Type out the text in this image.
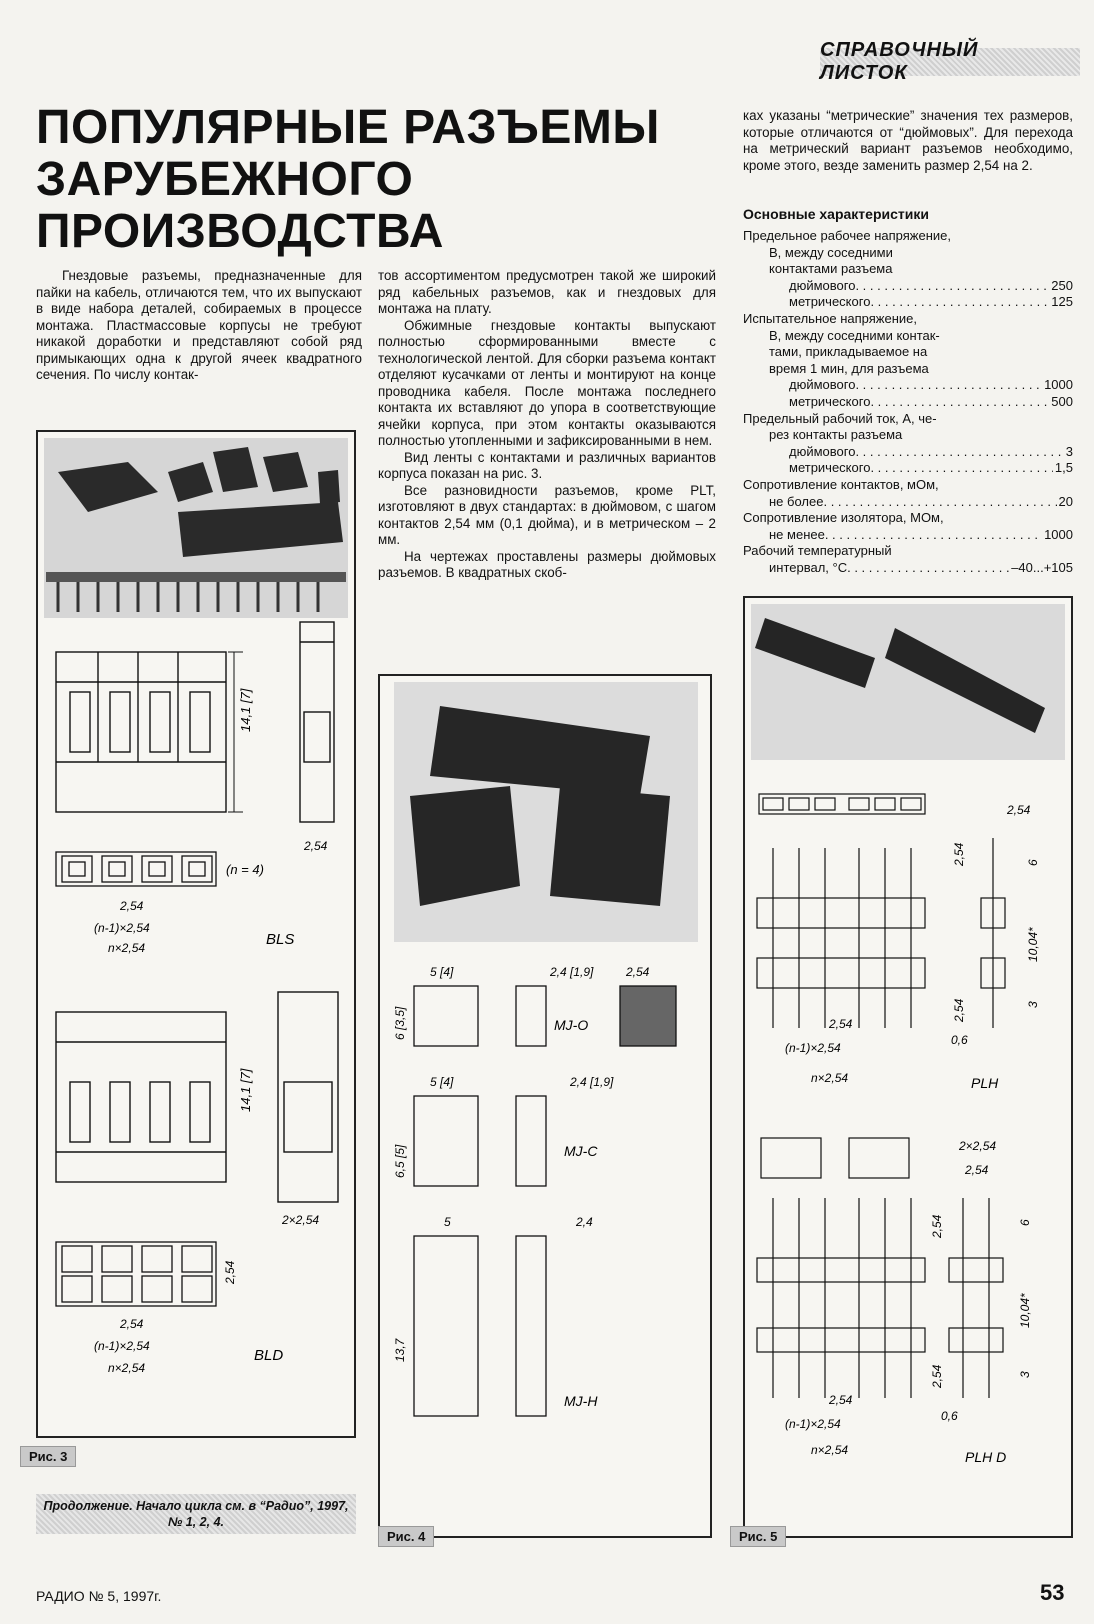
СПРАВОЧНЫЙ ЛИСТОК
ПОПУЛЯРНЫЕ РАЗЪЕМЫ
ЗАРУБЕЖНОГО
ПРОИЗВОДСТВА

Гнездовые разъемы, предназначенные для пайки на кабель, отличаются тем, что их выпускают в виде набора деталей, собираемых в процессе монтажа. Пластмассовые корпусы не требуют никакой доработки и представляют собой ряд примыкающих одна к другой ячеек квадратного сечения. По числу контак-

тов ассортиментом предусмотрен такой же широкий ряд кабельных разъемов, как и гнездовых для монтажа на плату.

Обжимные гнездовые контакты выпускают полностью сформированными вместе с технологической лентой. Для сборки разъема контакт отделяют кусачками от ленты и монтируют на конце проводника кабеля. После монтажа последнего контакта их вставляют до упора в соответствующие ячейки корпуса, при этом контакты оказываются полностью утопленными и зафиксированными в нем.

Вид ленты с контактами и различных вариантов корпуса показан на рис. 3.

Все разновидности разъемов, кроме PLT, изготовляют в двух стандартах: в дюймовом, с шагом контактов 2,54 мм (0,1 дюйма), и в метрическом – 2 мм.

На чертежах проставлены размеры дюймовых разъемов. В квадратных скоб-

ках указаны “метрические” значения тех размеров, которые отличаются от “дюймовых”. Для перехода на метрический вариант разъемов необходимо, кроме этого, везде заменить размер 2,54 на 2.

Основные характеристики
Предельное рабочее напряжение,
В, между соседними
контактами разъема
дюймового . . .	250
метрического . . .	125
Испытательное напряжение,
В, между соседними контак-
тами, прикладываемое на
время 1 мин, для разъема
дюймового . . .	1000
метрического . . .	500
Предельный рабочий ток, А, че-
рез контакты разъема
дюймового . . .	3
метрического . . .	1,5
Сопротивление контактов, мОм,
не более . . .	20
Сопротивление изолятора, МОм,
не менее . . .	1000
Рабочий температурный
интервал, °С . . .	–40...+105
14,1 [7]
2,54
(n = 4)
2,54
(n-1)×2,54
n×2,54	BLS
14,1 [7]
2×2,54
2,54
2,54
(n-1)×2,54
n×2,54
BLD
Рис. 3
Продолжение. Начало цикла см. в “Радио”, 1997, № 1, 2, 4.
5 [4]	2,4 [1,9]	2,54
6 [3,5]	MJ-O
5 [4]	2,4 [1,9]
6,5 [5]	MJ-C
5	2,4
13,7
MJ-H
Рис. 4
2,54
2,54	6
10,04*
2,54	3
0,6
2,54
(n-1)×2,54
n×2,54	PLH
2×2,54
2,54
2,54	6
10,04*
2,54	3
0,6
2,54
(n-1)×2,54
n×2,54	PLH D
Рис. 5
РАДИО № 5, 1997г.	53
